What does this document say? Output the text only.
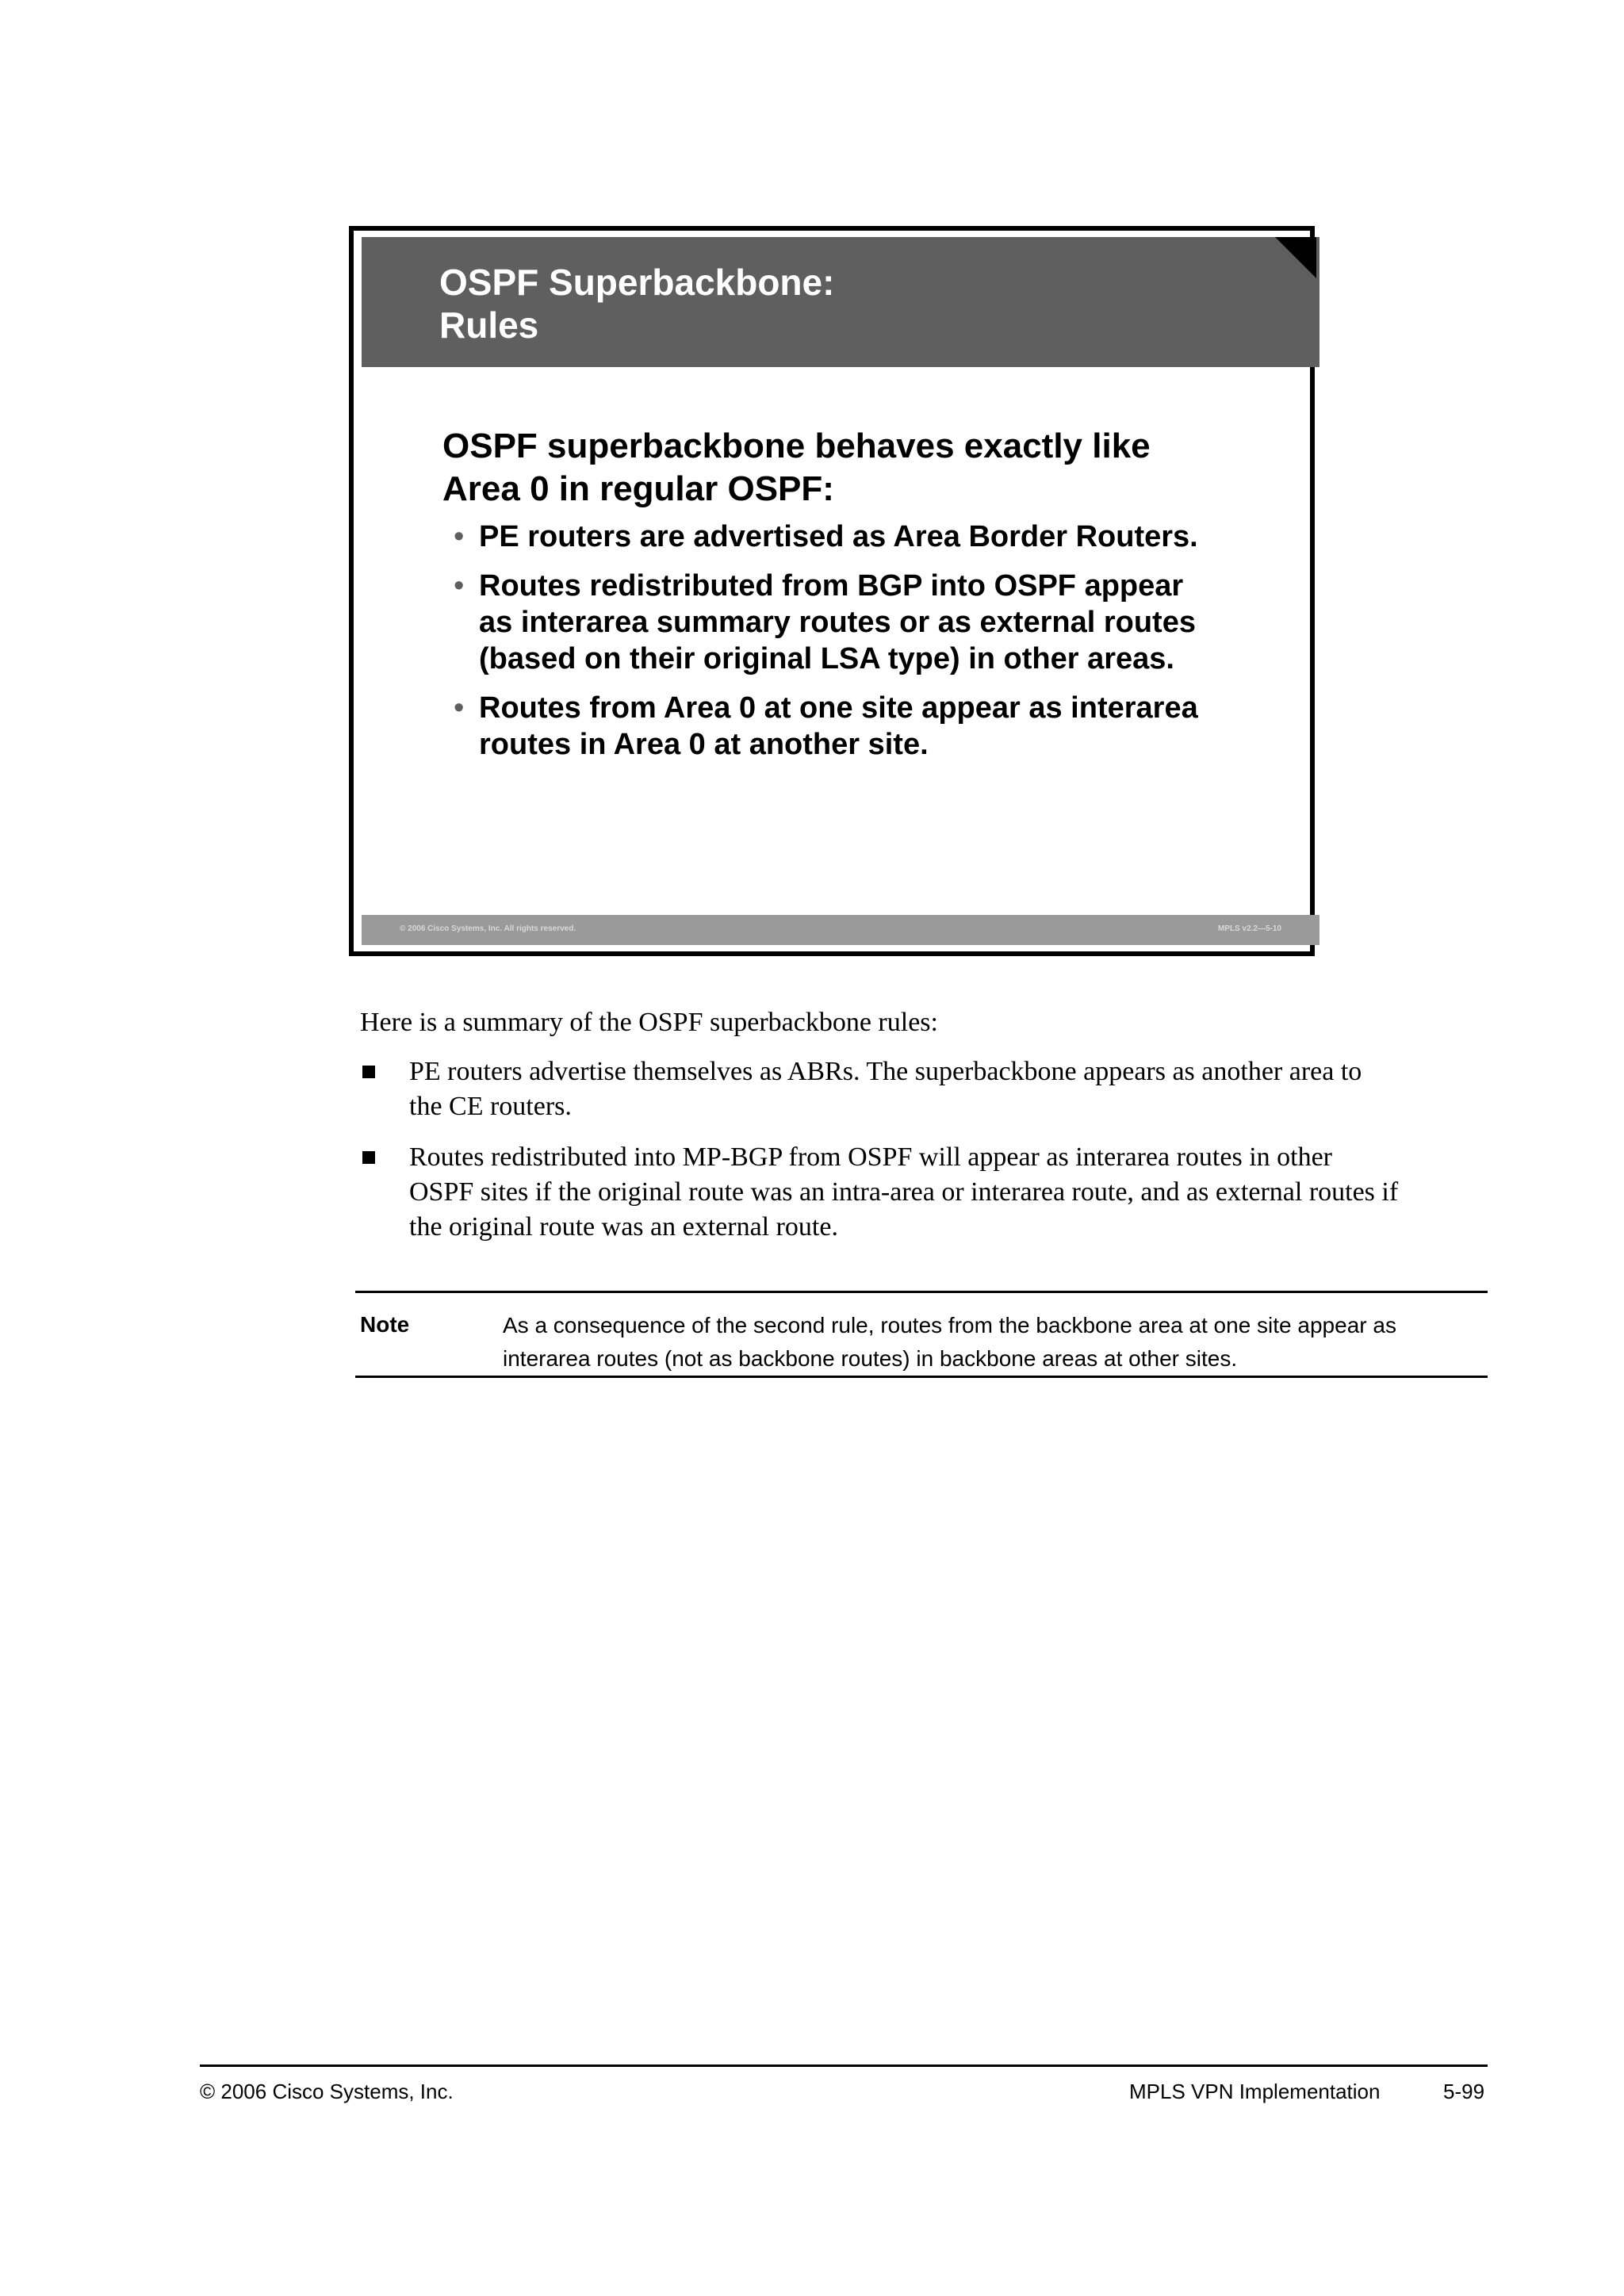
OSPF Superbackbone:
Rules
OSPF superbackbone behaves exactly like
Area 0 in regular OSPF:
• PE routers are advertised as Area Border Routers.
• Routes redistributed from BGP into OSPF appear
as interarea summary routes or as external routes
(based on their original LSA type) in other areas.
• Routes from Area 0 at one site appear as interarea
routes in Area 0 at another site.
© 2006 Cisco Systems, Inc. All rights reserved.	MPLS v2.2—5-10
Here is a summary of the OSPF superbackbone rules:
PE routers advertise themselves as ABRs. The superbackbone appears as another area to
the CE routers.
Routes redistributed into MP-BGP from OSPF will appear as interarea routes in other
OSPF sites if the original route was an intra-area or interarea route, and as external routes if
the original route was an external route.
Note	As a consequence of the second rule, routes from the backbone area at one site appear as
interarea routes (not as backbone routes) in backbone areas at other sites.
© 2006 Cisco Systems, Inc.	MPLS VPN Implementation	5-99
